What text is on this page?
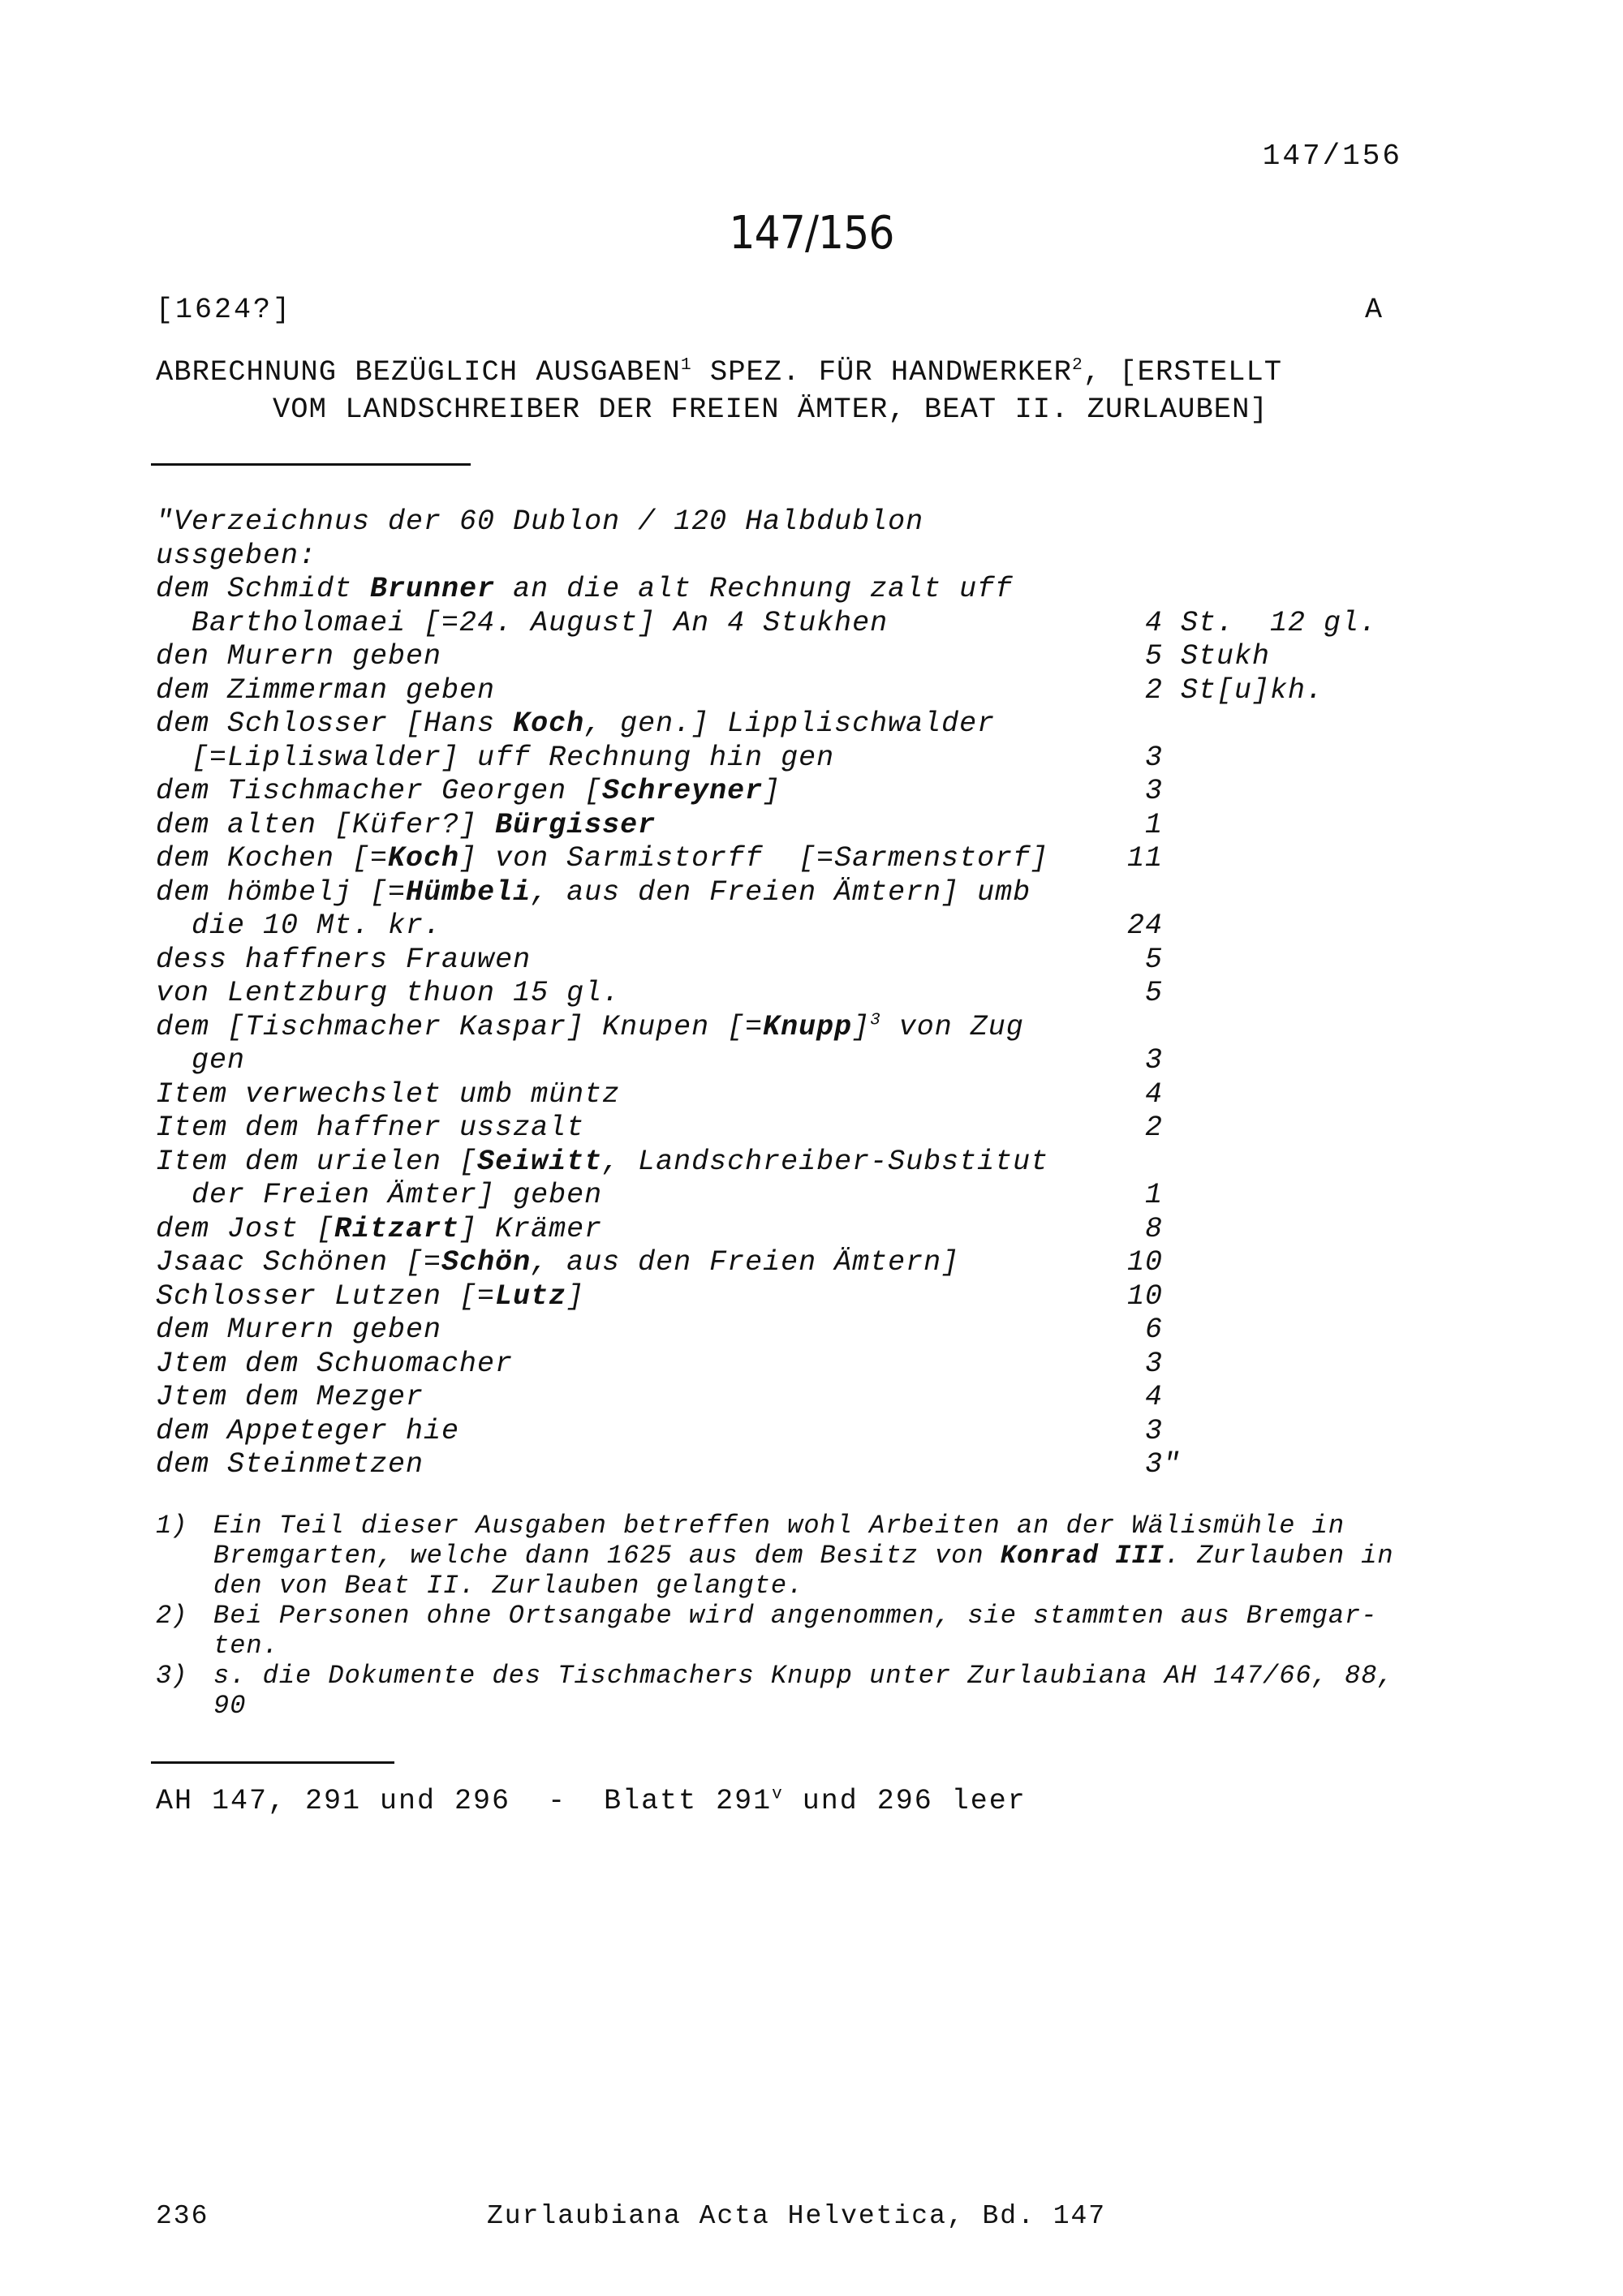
147/156
147/156
[1624?]	A
ABRECHNUNG BEZÜGLICH AUSGABEN$^1$ SPEZ. FÜR HANDWERKER$^2$, [ERSTELLT
VOM LANDSCHREIBER DER FREIEN ÄMTER, BEAT II. ZURLAUBEN]
"Verzeichnus der 60 Dublon / 120 Halbdublon
ussgeben:
dem Schmidt Brunner an die alt Rechnung zalt uff
Bartholomaei [=24. August] An 4 Stukhen	4 St.  12 gl.
den Murern geben	5 Stukh
dem Zimmerman geben	2 St[u]kh.
dem Schlosser [Hans Koch, gen.] Lipplischwalder
[=Lipliswalder] uff Rechnung hin gen	3
dem Tischmacher Georgen [Schreyner]	3
dem alten [Küfer?] Bürgisser	1
dem Kochen [=Koch] von Sarmistorff  [=Sarmenstorf]	11
dem hömbelj [=Hümbeli, aus den Freien Ämtern] umb
die 10 Mt. kr.	24
dess haffners Frauwen	5
von Lentzburg thuon 15 gl.	5
dem [Tischmacher Kaspar] Knupen [=Knupp]$^3$ von Zug
gen	3
Item verwechslet umb müntz	4
Item dem haffner usszalt	2
Item dem urielen [Seiwitt, Landschreiber-Substitut
der Freien Ämter] geben	1
dem Jost [Ritzart] Krämer	8
Jsaac Schönen [=Schön, aus den Freien Ämtern]	10
Schlosser Lutzen [=Lutz]	10
dem Murern geben	6
Jtem dem Schuomacher	3
Jtem dem Mezger	4
dem Appeteger hie	3
dem Steinmetzen	3"
1) Ein Teil dieser Ausgaben betreffen wohl Arbeiten an der Wälismühle in
Bremgarten, welche dann 1625 aus dem Besitz von Konrad III. Zurlauben in
den von Beat II. Zurlauben gelangte.
2) Bei Personen ohne Ortsangabe wird angenommen, sie stammten aus Bremgar-
ten.
3) s. die Dokumente des Tischmachers Knupp unter Zurlaubiana AH 147/66, 88,
90
AH 147, 291 und 296  -  Blatt 291$^v$ und 296 leer
236	Zurlaubiana Acta Helvetica, Bd. 147
